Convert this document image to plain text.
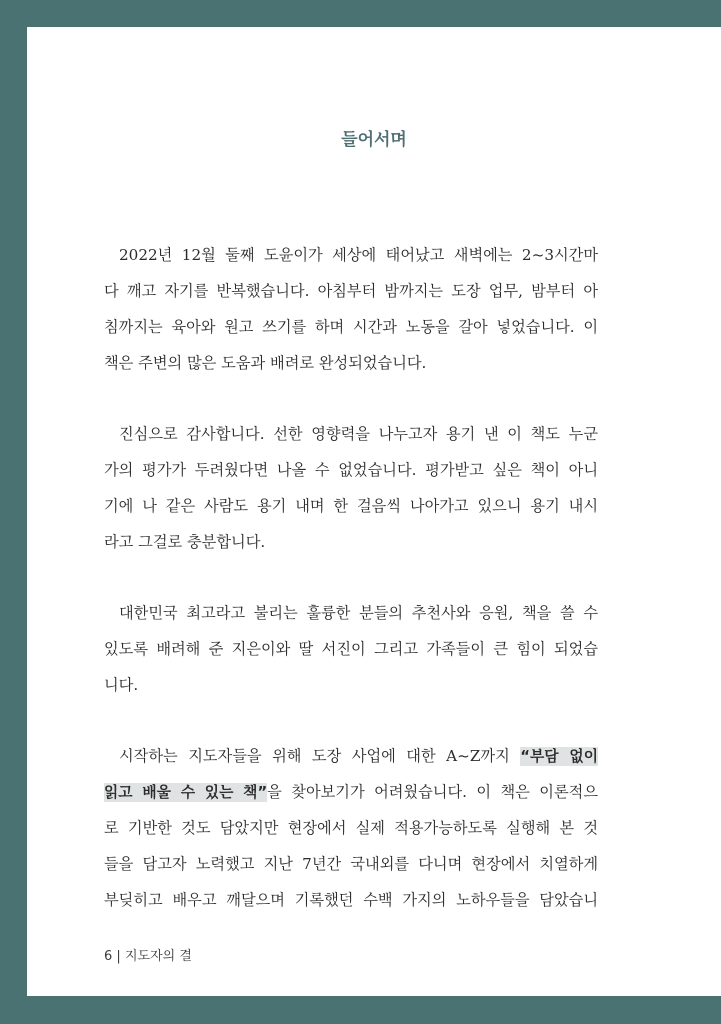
들어서며
2022년 12월 둘째 도윤이가 세상에 태어났고 새벽에는 2~3시간마
다 깨고 자기를 반복했습니다. 아침부터 밤까지는 도장 업무, 밤부터 아
침까지는 육아와 원고 쓰기를 하며 시간과 노동을 갈아 넣었습니다. 이
책은 주변의 많은 도움과 배려로 완성되었습니다.
진심으로 감사합니다. 선한 영향력을 나누고자 용기 낸 이 책도 누군
가의 평가가 두려웠다면 나올 수 없었습니다. 평가받고 싶은 책이 아니
기에 나 같은 사람도 용기 내며 한 걸음씩 나아가고 있으니 용기 내시
라고 그걸로 충분합니다.
대한민국 최고라고 불리는 훌륭한 분들의 추천사와 응원, 책을 쓸 수
있도록 배려해 준 지은이와 딸 서진이 그리고 가족들이 큰 힘이 되었습
니다.
시작하는 지도자들을 위해 도장 사업에 대한 A~Z까지 “부담 없이
읽고 배울 수 있는 책”을 찾아보기가 어려웠습니다. 이 책은 이론적으
로 기반한 것도 담았지만 현장에서 실제 적용가능하도록 실행해 본 것
들을 담고자 노력했고 지난 7년간 국내외를 다니며 현장에서 치열하게
부딪히고 배우고 깨달으며 기록했던 수백 가지의 노하우들을 담았습니
6 | 지도자의 결
